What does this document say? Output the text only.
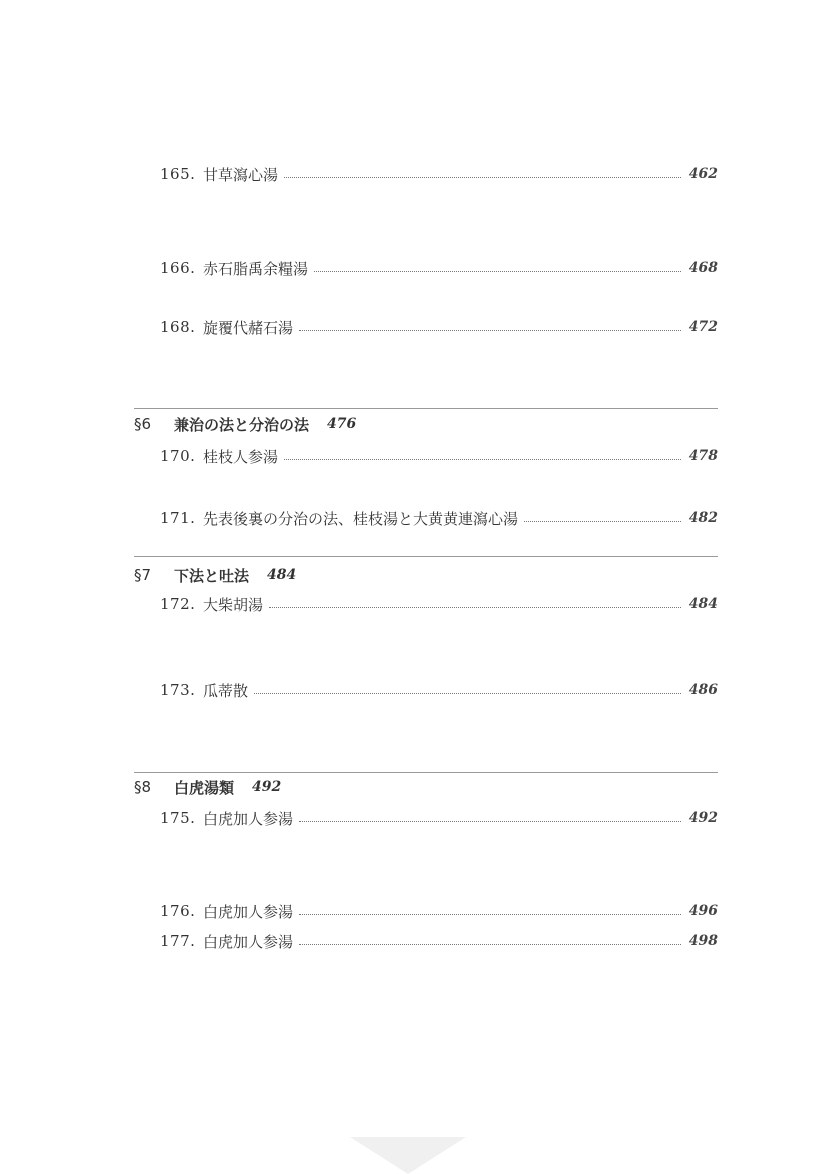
165. 甘草瀉心湯	462
166. 赤石脂禹余糧湯	468
168. 旋覆代赭石湯	472
§6	兼治の法と分治の法 476
170. 桂枝人参湯	478
171. 先表後裏の分治の法、桂枝湯と大黄黄連瀉心湯	482
§7	下法と吐法 484
172. 大柴胡湯	484
173. 瓜蒂散	486
§8	白虎湯類 492
175. 白虎加人参湯	492
176. 白虎加人参湯	496
177. 白虎加人参湯	498
